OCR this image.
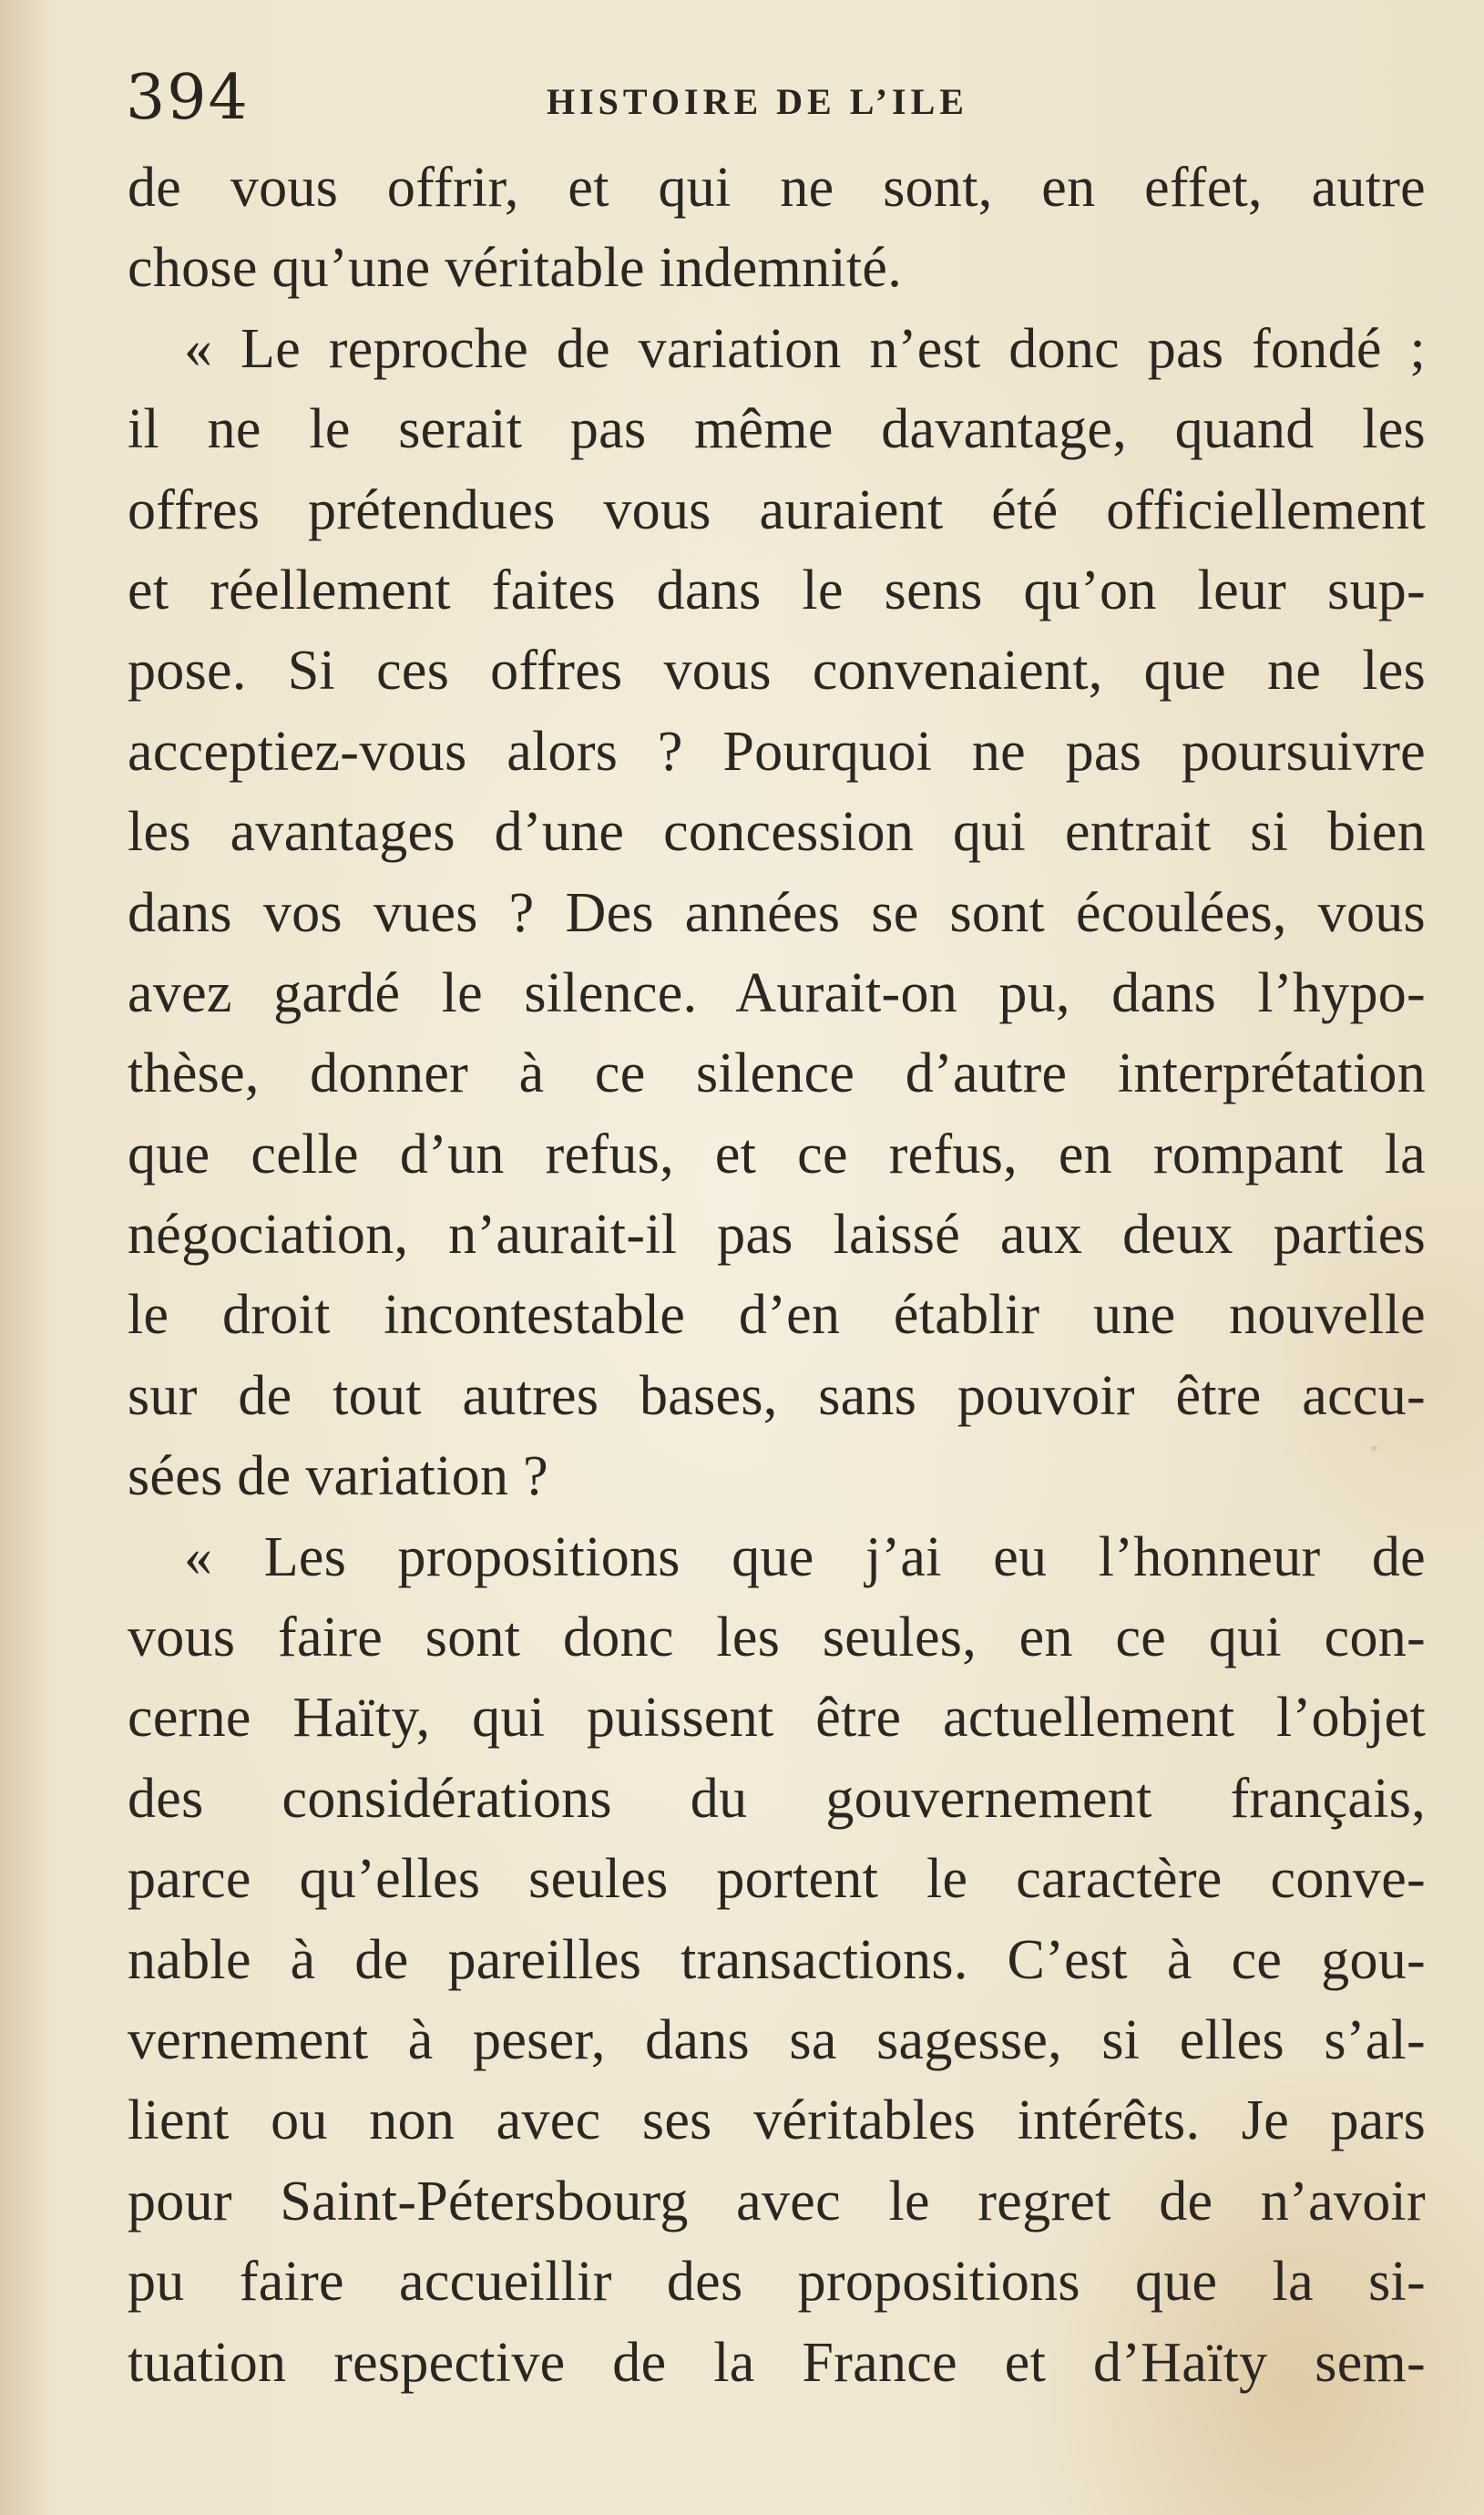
394	HISTOIRE DE L’ILE
·
de vous offrir, et qui ne sont, en effet, autre
chose qu’une véritable indemnité.
« Le reproche de variation n’est donc pas fondé ;
il ne le serait pas même davantage, quand les
offres prétendues vous auraient été officiellement
et réellement faites dans le sens qu’on leur sup-
pose. Si ces offres vous convenaient, que ne les
acceptiez-vous alors ? Pourquoi ne pas poursuivre
les avantages d’une concession qui entrait si bien
dans vos vues ? Des années se sont écoulées, vous
avez gardé le silence. Aurait-on pu, dans l’hypo-
thèse, donner à ce silence d’autre interprétation
que celle d’un refus, et ce refus, en rompant la
négociation, n’aurait-il pas laissé aux deux parties
le droit incontestable d’en établir une nouvelle
sur de tout autres bases, sans pouvoir être accu-
sées de variation ?
« Les propositions que j’ai eu l’honneur de
vous faire sont donc les seules, en ce qui con-
cerne Haïty, qui puissent être actuellement l’objet
des considérations du gouvernement français,
parce qu’elles seules portent le caractère conve-
nable à de pareilles transactions. C’est à ce gou-
vernement à peser, dans sa sagesse, si elles s’al-
lient ou non avec ses véritables intérêts. Je pars
pour Saint-Pétersbourg avec le regret de n’avoir
pu faire accueillir des propositions que la si-
tuation respective de la France et d’Haïty sem-
